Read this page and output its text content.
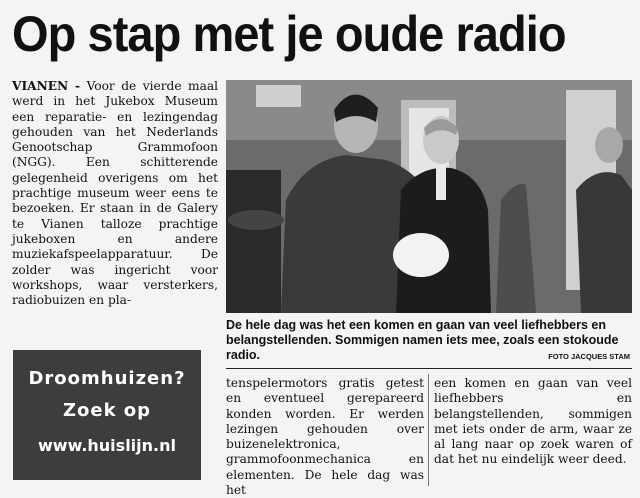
Op stap met je oude radio
VIANEN - Voor de vierde maal werd in het Jukebox Museum een reparatie- en lezingendag gehouden van het Nederlands Genootschap Grammofoon (NGG). Een schitterende gelegenheid overigens om het prachtige museum weer eens te bezoeken. Er staan in de Galery te Vianen talloze prachtige jukeboxen en andere muziekafspeelapparatuur. De zolder was ingericht voor workshops, waar versterkers, radiobuizen en pla-
De hele dag was het een komen en gaan van veel liefhebbers en belangstellenden. Sommigen namen iets mee, zoals een stokoude radio.	FOTO JACQUES STAM
Droomhuizen?
Zoek op
www.huislijn.nl
tenspelermotors gratis getest en eventueel gerepareerd konden worden. Er werden lezingen gehouden over buizenelektronica, grammofoonmechanica en elementen. De hele dag was het
een komen en gaan van veel liefhebbers en belangstellenden, sommigen met iets onder de arm, waar ze al lang naar op zoek waren of dat het nu eindelijk weer deed.
